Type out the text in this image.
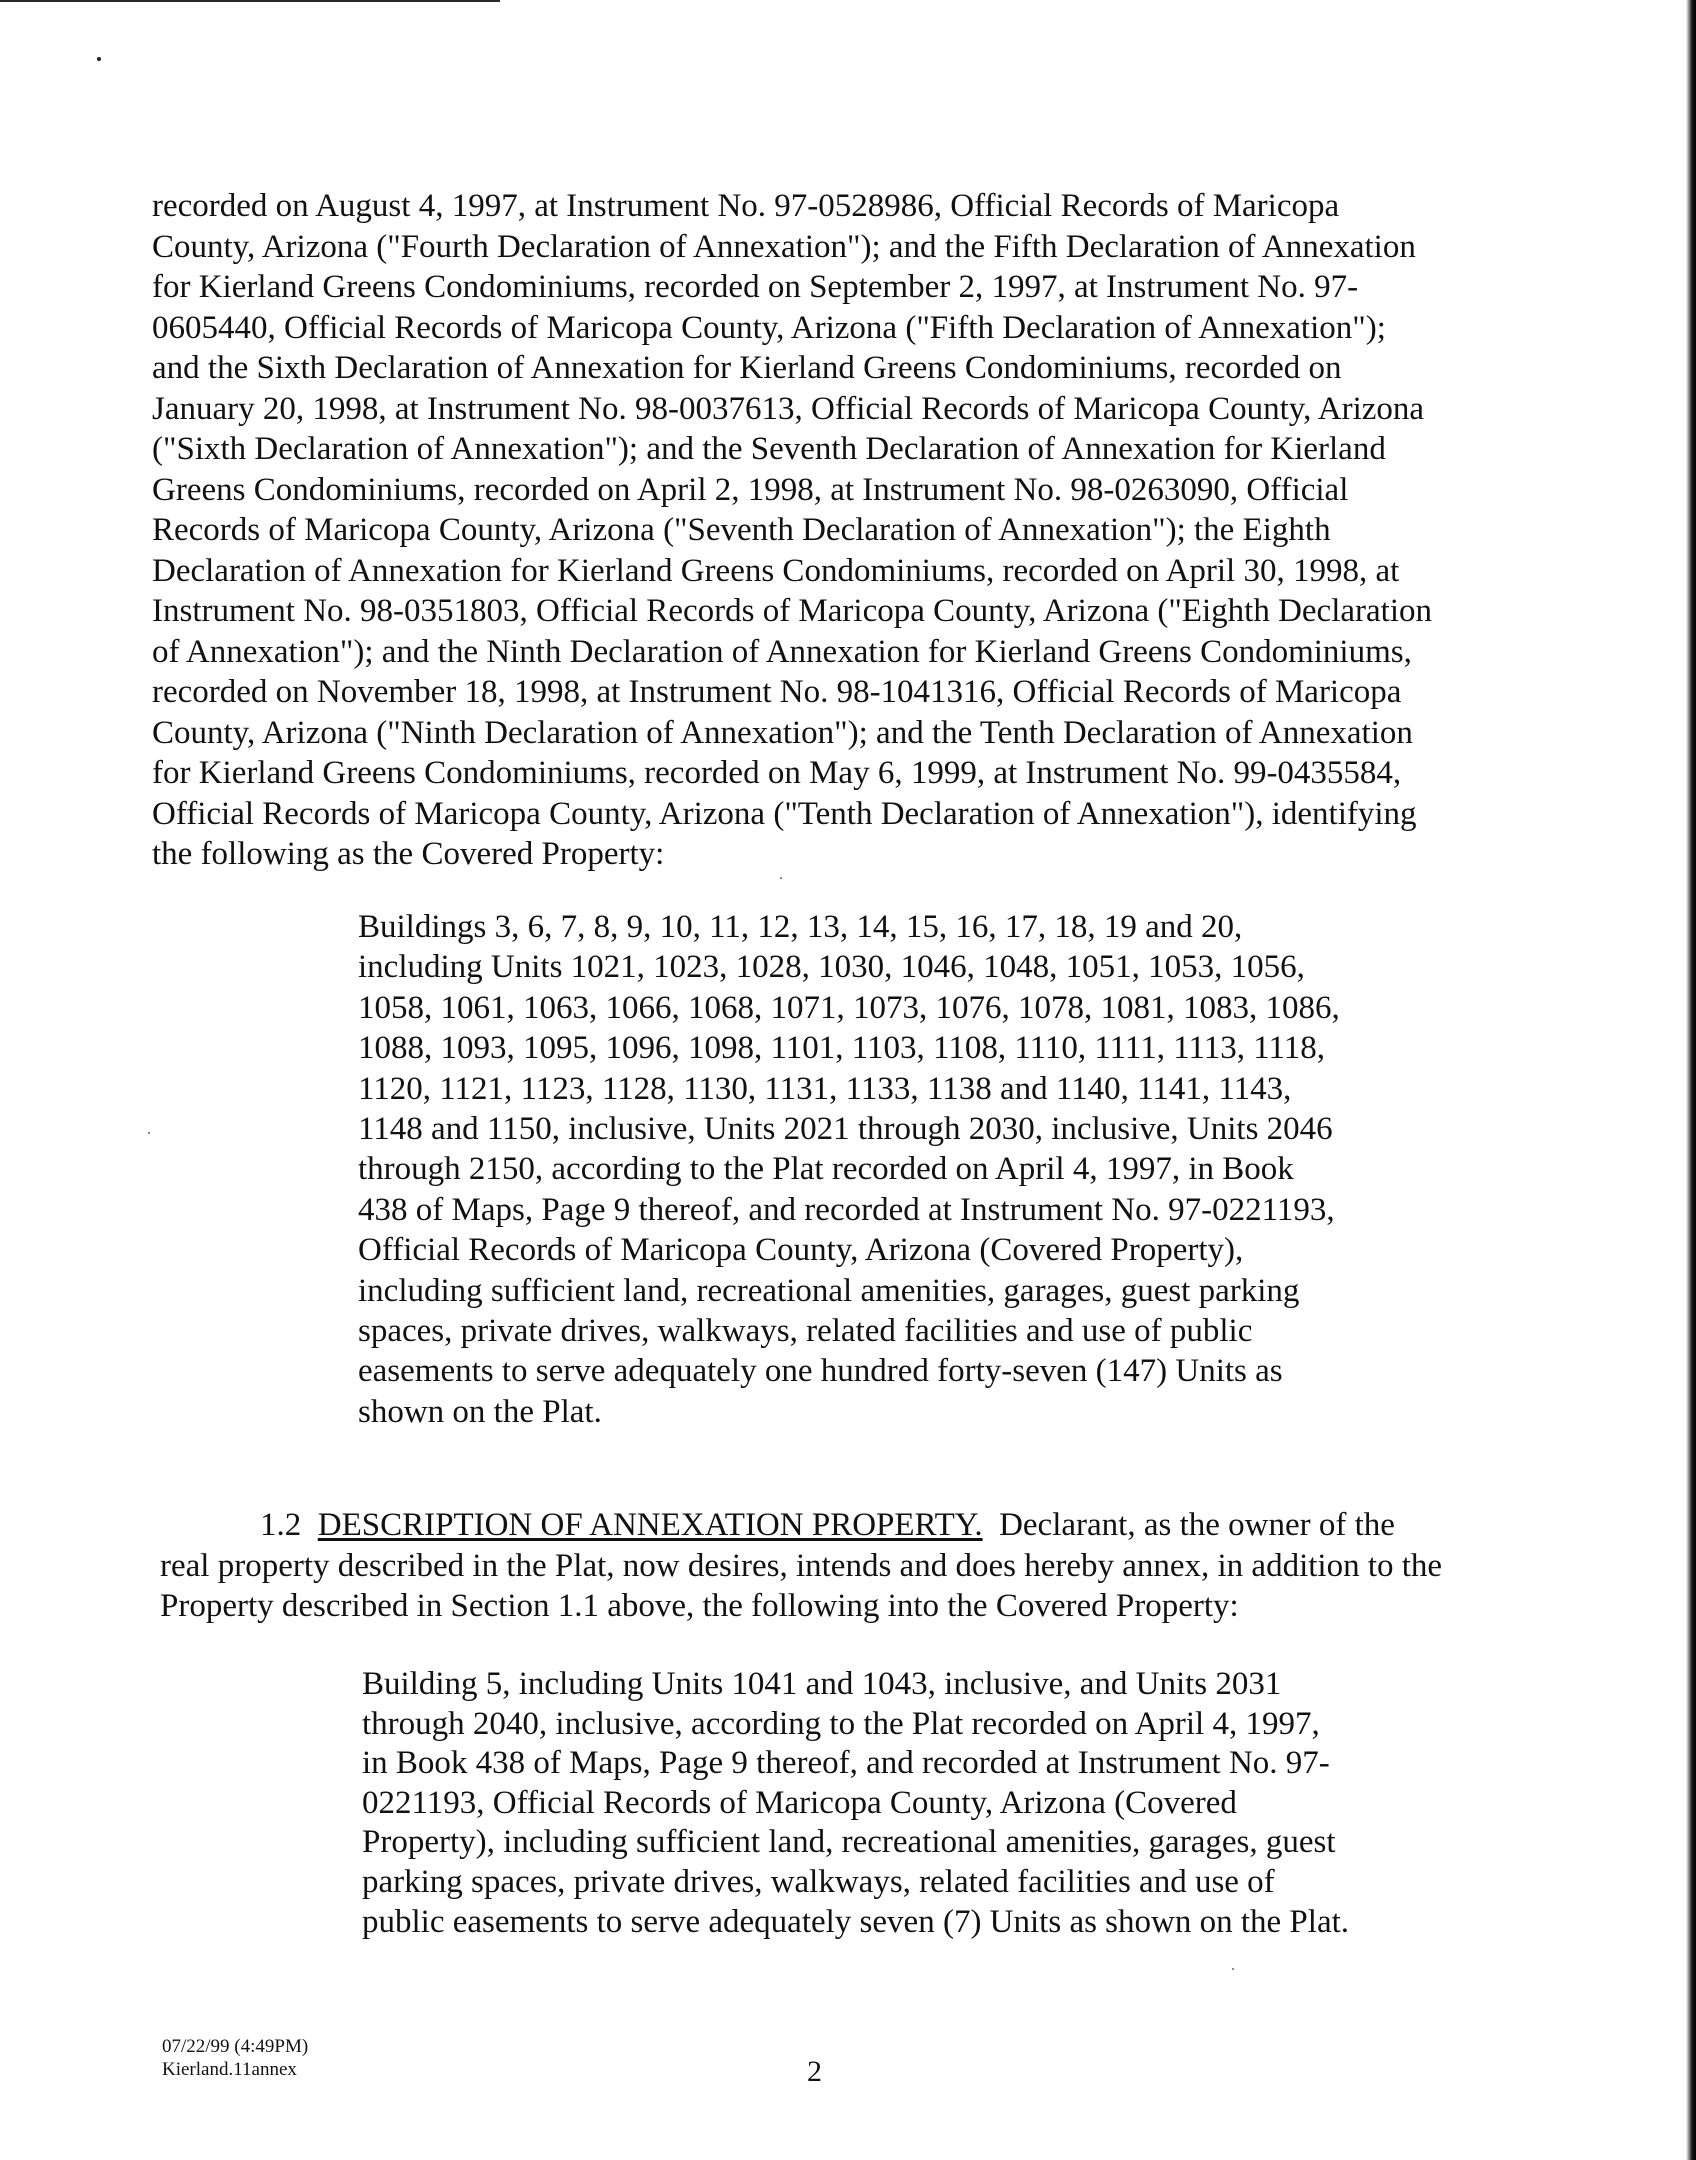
recorded on August 4, 1997, at Instrument No. 97-0528986, Official Records of Maricopa
County, Arizona ("Fourth Declaration of Annexation"); and the Fifth Declaration of Annexation
for Kierland Greens Condominiums, recorded on September 2, 1997, at Instrument No. 97-
0605440, Official Records of Maricopa County, Arizona ("Fifth Declaration of Annexation");
and the Sixth Declaration of Annexation for Kierland Greens Condominiums, recorded on
January 20, 1998, at Instrument No. 98-0037613, Official Records of Maricopa County, Arizona
("Sixth Declaration of Annexation"); and the Seventh Declaration of Annexation for Kierland
Greens Condominiums, recorded on April 2, 1998, at Instrument No. 98-0263090, Official
Records of Maricopa County, Arizona ("Seventh Declaration of Annexation"); the Eighth
Declaration of Annexation for Kierland Greens Condominiums, recorded on April 30, 1998, at
Instrument No. 98-0351803, Official Records of Maricopa County, Arizona ("Eighth Declaration
of Annexation"); and the Ninth Declaration of Annexation for Kierland Greens Condominiums,
recorded on November 18, 1998, at Instrument No. 98-1041316, Official Records of Maricopa
County, Arizona ("Ninth Declaration of Annexation"); and the Tenth Declaration of Annexation
for Kierland Greens Condominiums, recorded on May 6, 1999, at Instrument No. 99-0435584,
Official Records of Maricopa County, Arizona ("Tenth Declaration of Annexation"), identifying
the following as the Covered Property:
Buildings 3, 6, 7, 8, 9, 10, 11, 12, 13, 14, 15, 16, 17, 18, 19 and 20,
including Units 1021, 1023, 1028, 1030, 1046, 1048, 1051, 1053, 1056,
1058, 1061, 1063, 1066, 1068, 1071, 1073, 1076, 1078, 1081, 1083, 1086,
1088, 1093, 1095, 1096, 1098, 1101, 1103, 1108, 1110, 1111, 1113, 1118,
1120, 1121, 1123, 1128, 1130, 1131, 1133, 1138 and 1140, 1141, 1143,
1148 and 1150, inclusive, Units 2021 through 2030, inclusive, Units 2046
through 2150, according to the Plat recorded on April 4, 1997, in Book
438 of Maps, Page 9 thereof, and recorded at Instrument No. 97-0221193,
Official Records of Maricopa County, Arizona (Covered Property),
including sufficient land, recreational amenities, garages, guest parking
spaces, private drives, walkways, related facilities and use of public
easements to serve adequately one hundred forty-seven (147) Units as
shown on the Plat.
1.2 DESCRIPTION OF ANNEXATION PROPERTY. Declarant, as the owner of the
real property described in the Plat, now desires, intends and does hereby annex, in addition to the
Property described in Section 1.1 above, the following into the Covered Property:
Building 5, including Units 1041 and 1043, inclusive, and Units 2031
through 2040, inclusive, according to the Plat recorded on April 4, 1997,
in Book 438 of Maps, Page 9 thereof, and recorded at Instrument No. 97-
0221193, Official Records of Maricopa County, Arizona (Covered
Property), including sufficient land, recreational amenities, garages, guest
parking spaces, private drives, walkways, related facilities and use of
public easements to serve adequately seven (7) Units as shown on the Plat.
07/22/99 (4:49PM)
Kierland.11annex	2
